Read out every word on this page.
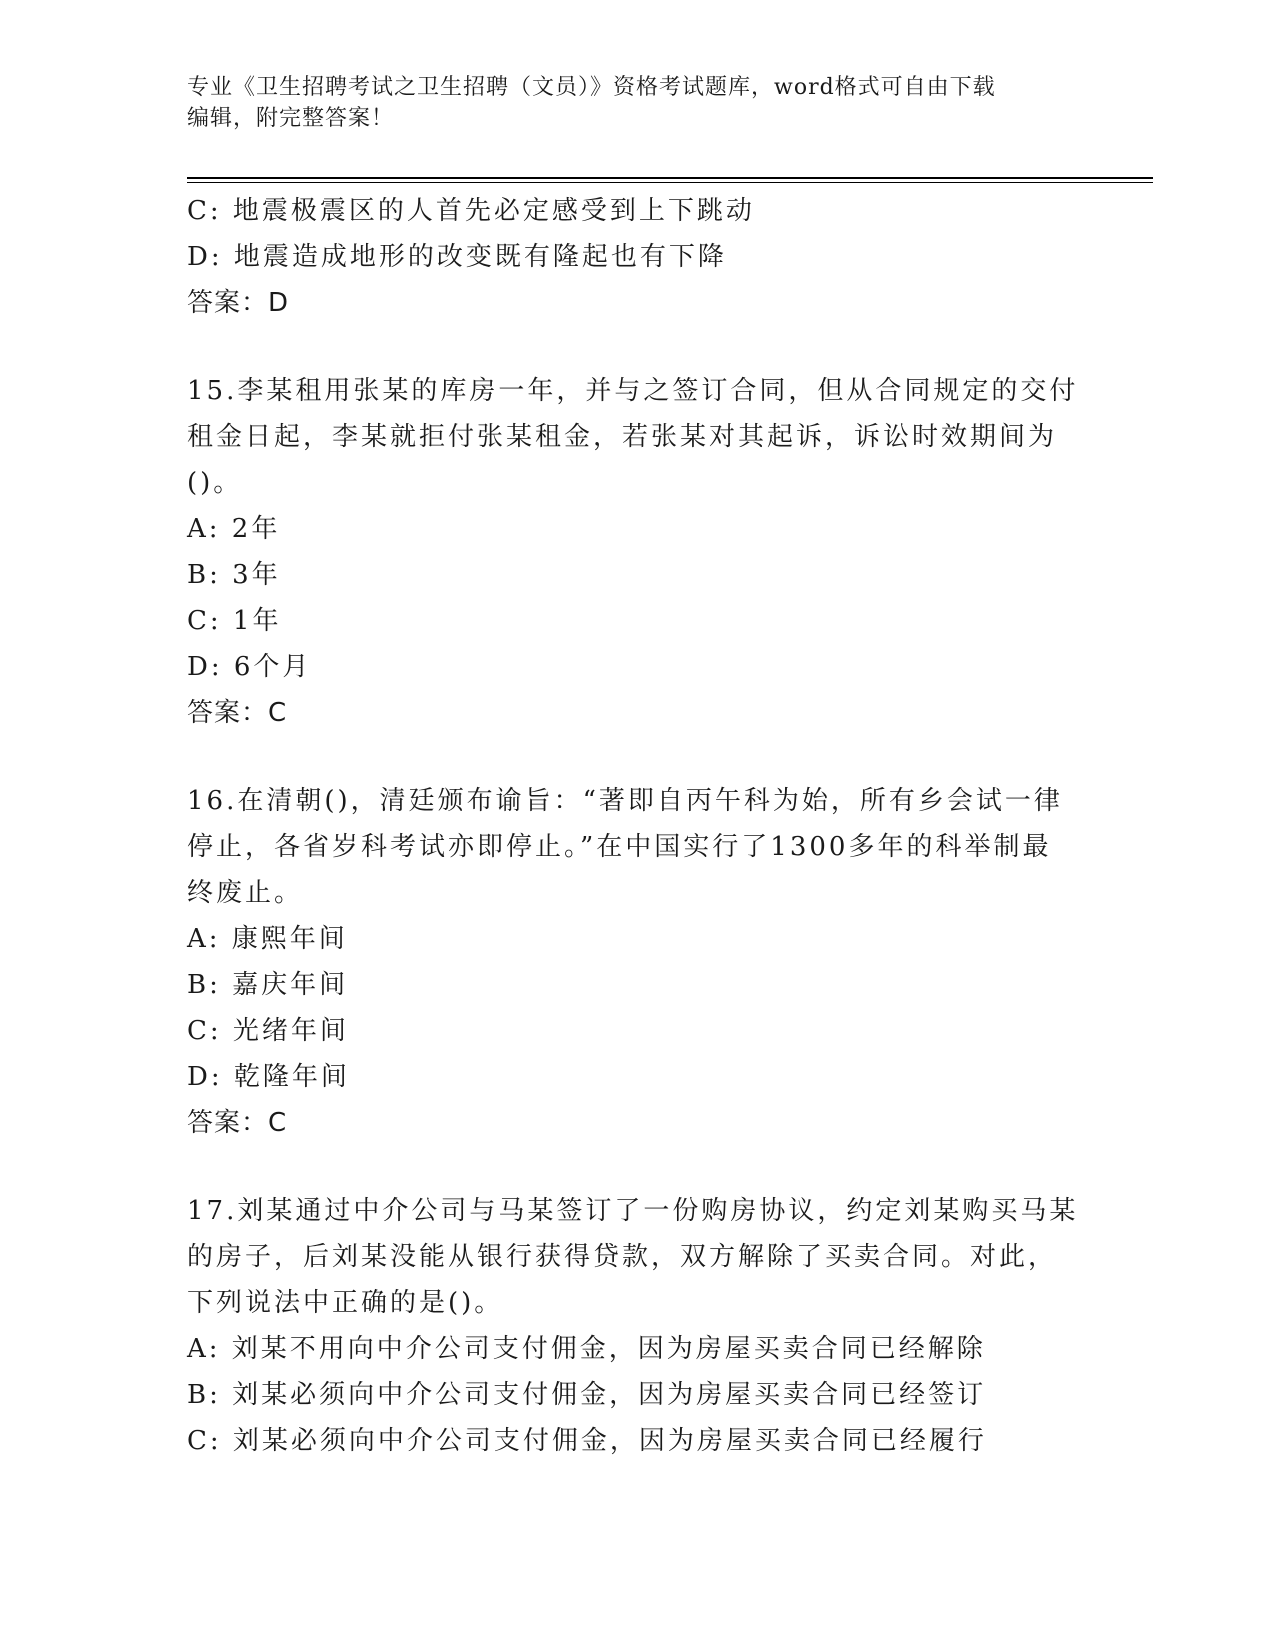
专业《卫生招聘考试之卫生招聘（文员）》资格考试题库，word格式可自由下载
编辑，附完整答案！
C: 地震极震区的人首先必定感受到上下跳动
D: 地震造成地形的改变既有隆起也有下降
答案：D
15.李某租用张某的库房一年，并与之签订合同，但从合同规定的交付
租金日起，李某就拒付张某租金，若张某对其起诉，诉讼时效期间为
()。
A: 2年
B: 3年
C: 1年
D: 6个月
答案：C
16.在清朝()，清廷颁布谕旨：“著即自丙午科为始，所有乡会试一律
停止，各省岁科考试亦即停止。”在中国实行了1300多年的科举制最
终废止。
A: 康熙年间
B: 嘉庆年间
C: 光绪年间
D: 乾隆年间
答案：C
17.刘某通过中介公司与马某签订了一份购房协议，约定刘某购买马某
的房子，后刘某没能从银行获得贷款，双方解除了买卖合同。对此，
下列说法中正确的是()。
A: 刘某不用向中介公司支付佣金，因为房屋买卖合同已经解除
B: 刘某必须向中介公司支付佣金，因为房屋买卖合同已经签订
C: 刘某必须向中介公司支付佣金，因为房屋买卖合同已经履行
